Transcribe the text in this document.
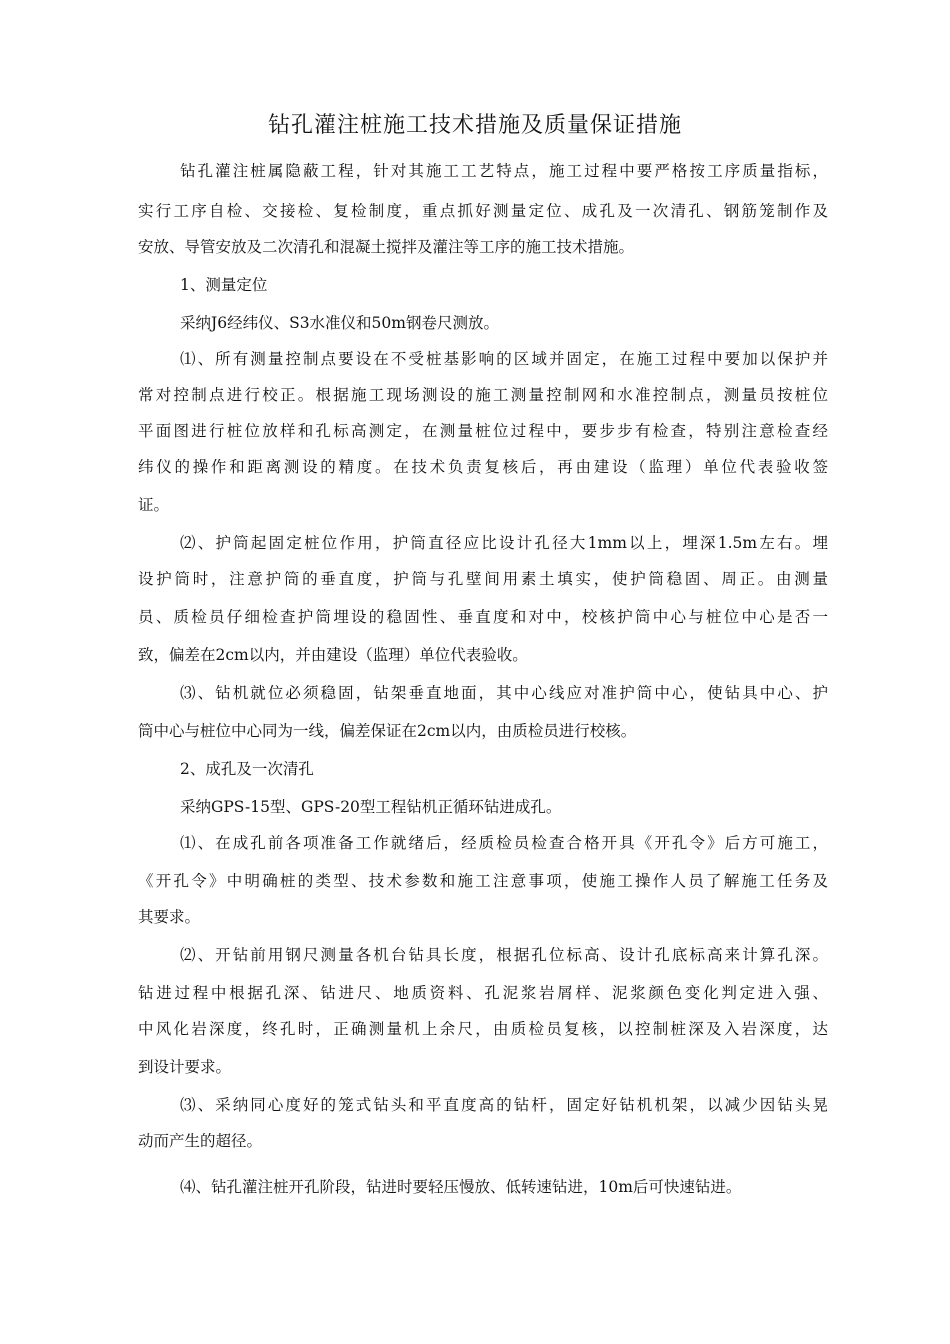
钻孔灌注桩施工技术措施及质量保证措施
钻孔灌注桩属隐蔽工程，针对其施工工艺特点，施工过程中要严格按工序质量指标，
实行工序自检、交接检、复检制度，重点抓好测量定位、成孔及一次清孔、钢筋笼制作及
安放、导管安放及二次清孔和混凝土搅拌及灌注等工序的施工技术措施。
1、测量定位
采纳J6经纬仪、S3水准仪和50m钢卷尺测放。
⑴、所有测量控制点要设在不受桩基影响的区域并固定，在施工过程中要加以保护并
常对控制点进行校正。根据施工现场测设的施工测量控制网和水准控制点，测量员按桩位
平面图进行桩位放样和孔标高测定，在测量桩位过程中，要步步有检查，特别注意检查经
纬仪的操作和距离测设的精度。在技术负责复核后，再由建设（监理）单位代表验收签
证。
⑵、护筒起固定桩位作用，护筒直径应比设计孔径大1mm以上，埋深1.5m左右。埋
设护筒时，注意护筒的垂直度，护筒与孔壁间用素土填实，使护筒稳固、周正。由测量
员、质检员仔细检查护筒埋设的稳固性、垂直度和对中，校核护筒中心与桩位中心是否一
致，偏差在2cm以内，并由建设（监理）单位代表验收。
⑶、钻机就位必须稳固，钻架垂直地面，其中心线应对准护筒中心，使钻具中心、护
筒中心与桩位中心同为一线，偏差保证在2cm以内，由质检员进行校核。
2、成孔及一次清孔
采纳GPS-15型、GPS-20型工程钻机正循环钻进成孔。
⑴、在成孔前各项准备工作就绪后，经质检员检查合格开具《开孔令》后方可施工，
《开孔令》中明确桩的类型、技术参数和施工注意事项，使施工操作人员了解施工任务及
其要求。
⑵、开钻前用钢尺测量各机台钻具长度，根据孔位标高、设计孔底标高来计算孔深。
钻进过程中根据孔深、钻进尺、地质资料、孔泥浆岩屑样、泥浆颜色变化判定进入强、
中风化岩深度，终孔时，正确测量机上余尺，由质检员复核，以控制桩深及入岩深度，达
到设计要求。
⑶、采纳同心度好的笼式钻头和平直度高的钻杆，固定好钻机机架，以减少因钻头晃
动而产生的超径。
⑷、钻孔灌注桩开孔阶段，钻进时要轻压慢放、低转速钻进，10m后可快速钻进。
